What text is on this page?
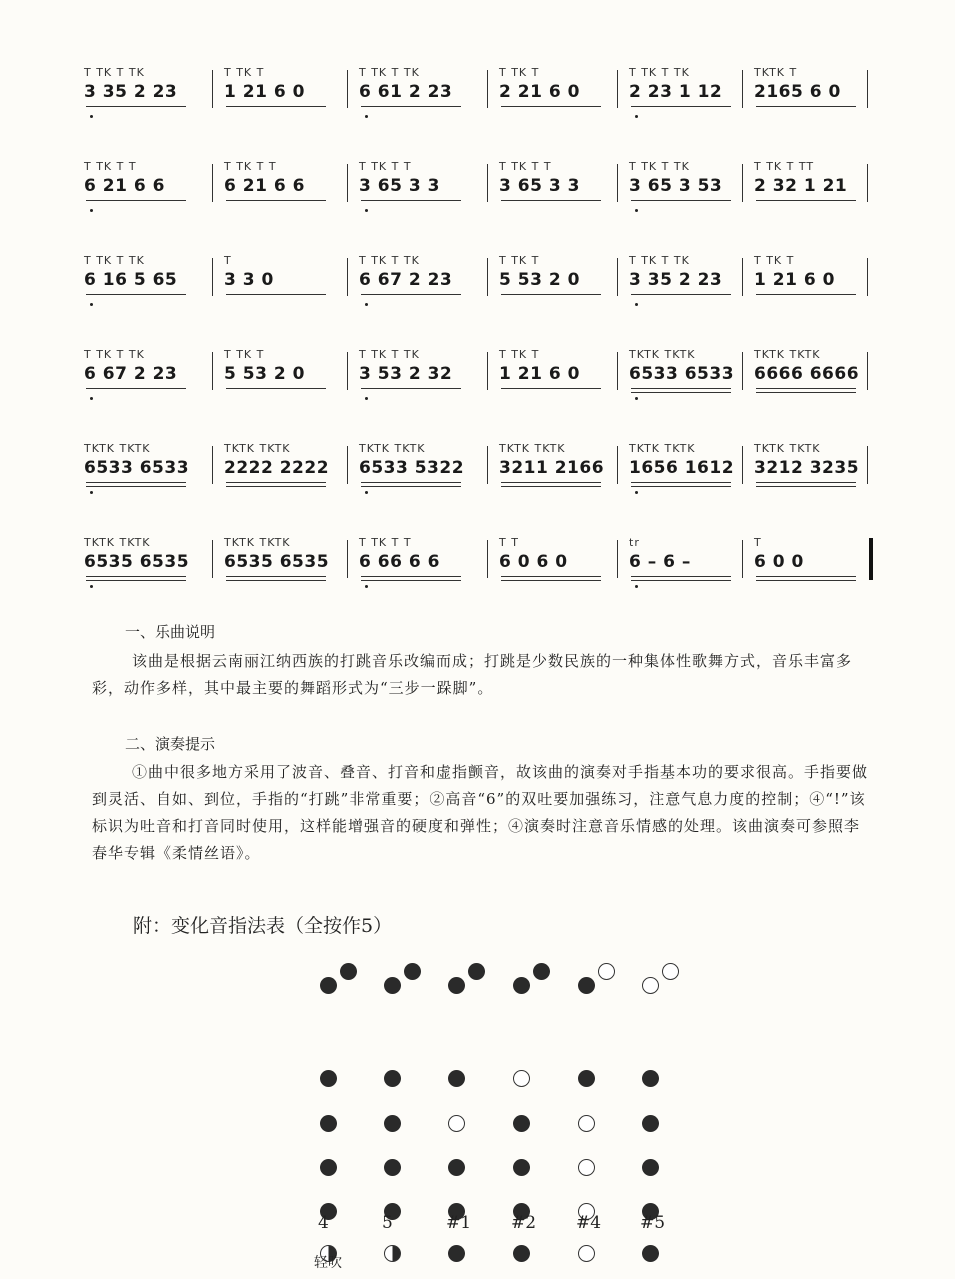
T TK T TK
3 35 2 23
T TK T
1 21 6 0
T TK T TK
6 61 2 23
T TK T
2 21 6 0
T TK T TK
2 23 1 12
TKTK T
2165 6 0
T TK T T
6 21 6 6
T TK T T
6 21 6 6
T TK T T
3 65 3 3
T TK T T
3 65 3 3
T TK T TK
3 65 3 53
T TK T TT
2 32 1 21
T TK T TK
6 16 5 65
T
3 3 0
T TK T TK
6 67 2 23
T TK T
5 53 2 0
T TK T TK
3 35 2 23
T TK T
1 21 6 0
T TK T TK
6 67 2 23
T TK T
5 53 2 0
T TK T TK
3 53 2 32
T TK T
1 21 6 0
TKTK TKTK
6533 6533
TKTK TKTK
6666 6666
TKTK TKTK
6533 6533
TKTK TKTK
2222 2222
TKTK TKTK
6533 5322
TKTK TKTK
3211 2166
TKTK TKTK
1656 1612
TKTK TKTK
3212 3235
TKTK TKTK
6535 6535
TKTK TKTK
6535 6535
T TK T T
6 66 6 6
T T
6 0 6 0
tr
6 – 6 –
T
6 0 0
一、乐曲说明
该曲是根据云南丽江纳西族的打跳音乐改编而成；打跳是少数民族的一种集体性歌舞方式，音乐丰富多彩，动作多样，其中最主要的舞蹈形式为“三步一跺脚”。
二、演奏提示
①曲中很多地方采用了波音、叠音、打音和虚指颤音，故该曲的演奏对手指基本功的要求很高。手指要做到灵活、自如、到位，手指的“打跳”非常重要；②高音“6”的双吐要加强练习，注意气息力度的控制；④“!”该标识为吐音和打音同时使用，这样能增强音的硬度和弹性；④演奏时注意音乐情感的处理。该曲演奏可参照李春华专辑《柔情丝语》。
附：变化音指法表（全按作5）
4	5	#1 #2 #4 #5
轻吹
